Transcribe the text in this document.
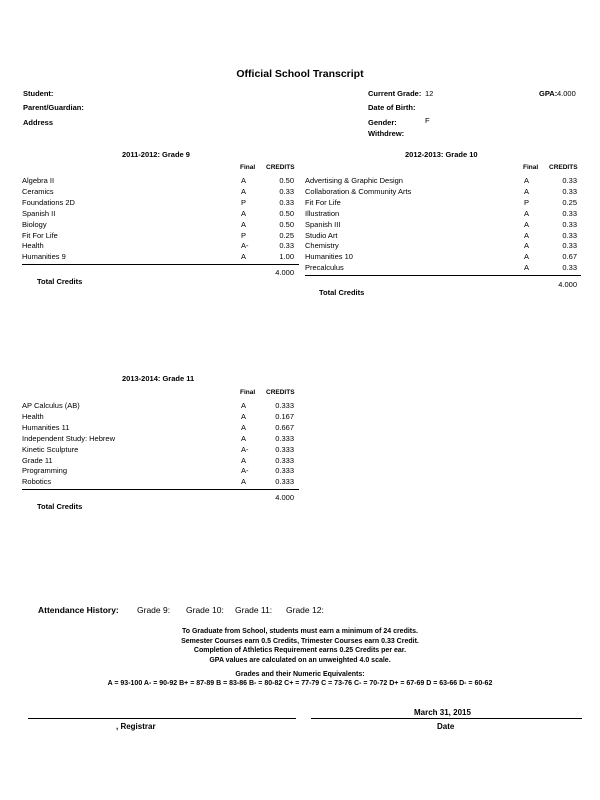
Official School Transcript
Student:
Parent/Guardian:
Address
Current Grade: 12	GPA: 4.000
Date of Birth:
Gender:	F
Withdrew:
2011-2012: Grade 9
Final CREDITS
Algebra II	A	0.50
Ceramics	A	0.33
Foundations 2D	P	0.33
Spanish II	A	0.50
Biology	A	0.50
Fit For Life	P	0.25
Health	A-	0.33
Humanities 9	A	1.00
4.000
Total Credits
2012-2013: Grade 10
Final CREDITS
Advertising & Graphic Design	A	0.33
Collaboration & Community Arts	A	0.33
Fit For Life	P	0.25
Illustration	A	0.33
Spanish III	A	0.33
Studio Art	A	0.33
Chemistry	A	0.33
Humanities 10	A	0.67
Precalculus	A	0.33
4.000
Total Credits
2013-2014: Grade 11
Final CREDITS
AP Calculus (AB)	A	0.333
Health	A	0.167
Humanities 11	A	0.667
Independent Study: Hebrew	A	0.333
Kinetic Sculpture	A-	0.333
Grade 11	A	0.333
Programming	A-	0.333
Robotics	A	0.333
4.000
Total Credits
Attendance History: Grade 9: Grade 10: Grade 11: Grade 12:
To Graduate from School, students must earn a minimum of 24 credits.
Semester Courses earn 0.5 Credits, Trimester Courses earn 0.33 Credit.
Completion of Athletics Requirement earns 0.25 Credits per ear.
GPA values are calculated on an unweighted 4.0 scale.
Grades and their Numeric Equivalents:
A = 93-100 A- = 90-92 B+ = 87-89 B = 83-86 B- = 80-82 C+ = 77-79 C = 73-76 C- = 70-72 D+ = 67-69 D = 63-66 D- = 60-62
March 31, 2015
, Registrar	Date
